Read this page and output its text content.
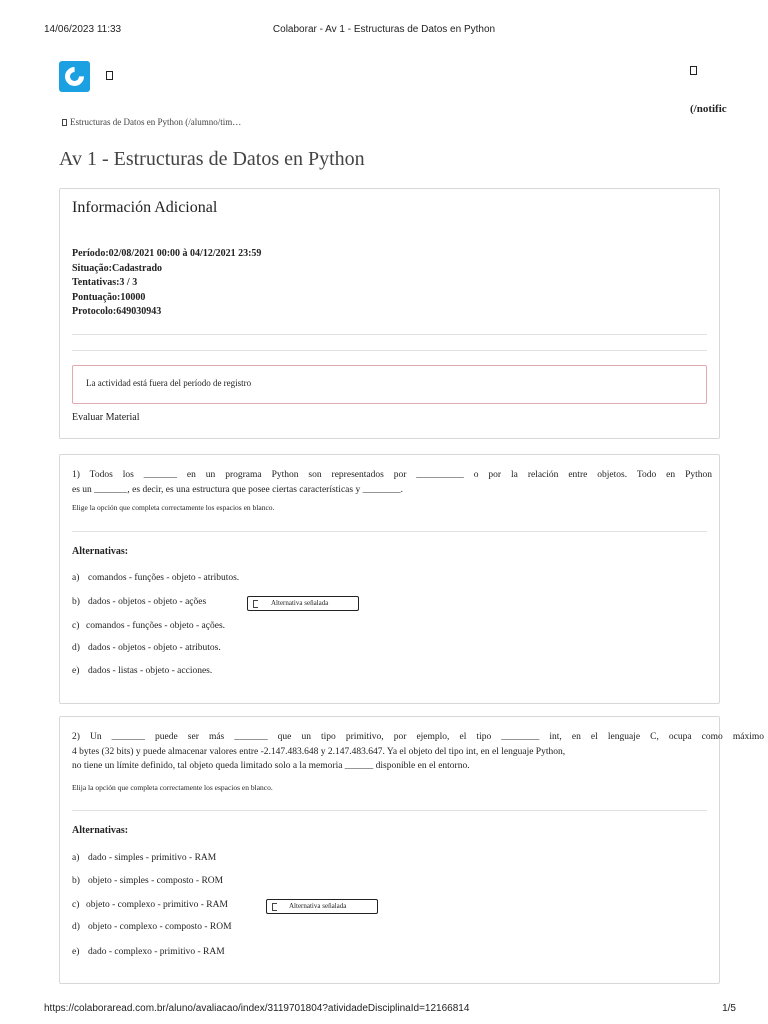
14/06/2023 11:33	Colaborar - Av 1 - Estructuras de Datos en Python
(/notific
Estructuras de Datos en Python (/alumno/tim…
Av 1 - Estructuras de Datos en Python
Información Adicional
Período:02/08/2021 00:00 à 04/12/2021 23:59
Situação:Cadastrado
Tentativas:3 / 3
Pontuação:10000
Protocolo:649030943
La actividad está fuera del período de registro
Evaluar Material
1) Todos los _______ en un programa Python son representados por __________ o por la relación entre objetos. Todo en Python
es un _______, es decir, es una estructura que posee ciertas características y ________.
Elige la opción que completa correctamente los espacios en blanco.
Alternativas:
a) comandos - funções - objeto - atributos.
b) dados - objetos - objeto - ações	Alternativa señalada
c) comandos - funções - objeto - ações.
d) dados - objetos - objeto - atributos.
e) dados - listas - objeto - acciones.
2) Un _______ puede ser más _______ que un tipo primitivo, por ejemplo, el tipo ________ int, en el lenguaje C, ocupa como máximo
4 bytes (32 bits) y puede almacenar valores entre -2.147.483.648 y 2.147.483.647. Ya el objeto del tipo int, en el lenguaje Python,
no tiene un límite definido, tal objeto queda limitado solo a la memoria ______ disponible en el entorno.
Elija la opción que completa correctamente los espacios en blanco.
Alternativas:
a) dado - simples - primitivo - RAM
b) objeto - simples - composto - ROM
c) objeto - complexo - primitivo - RAM	Alternativa señalada
d) objeto - complexo - composto - ROM
e) dado - complexo - primitivo - RAM
https://colaboraread.com.br/aluno/avaliacao/index/3119701804?atividadeDisciplinaId=12166814	1/5
